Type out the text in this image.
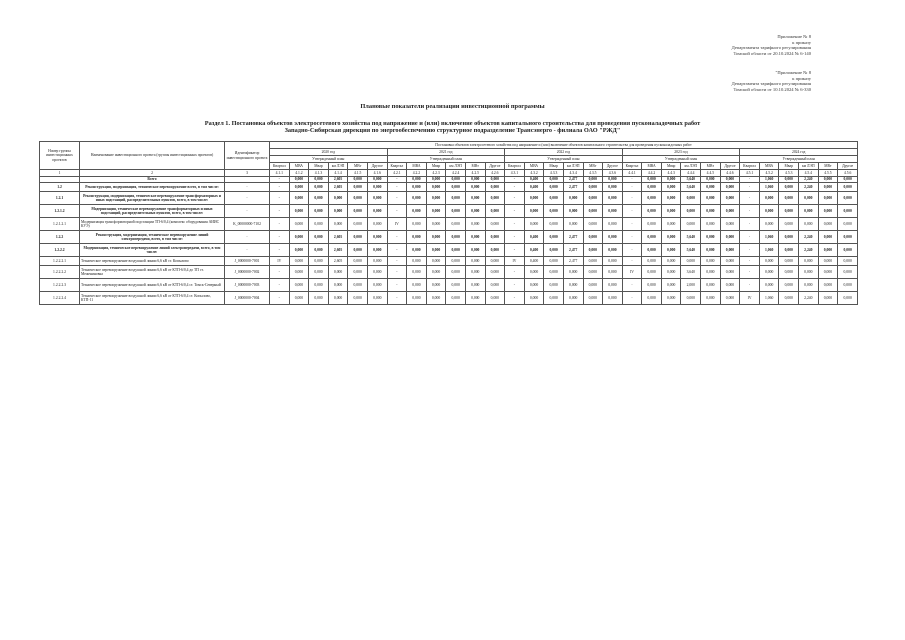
Приложение № 8
к приказу
Департамента тарифного регулирования
Томской области от 20.10.2024 № 6-140
"Приложение № 8
к приказу
Департамента тарифного регулирования
Томской области от 10.10.2024 № 6-330
Плановые показатели реализации инвестиционной программы
Раздел 1. Постановка объектов электросетевого хозяйства под напряжение и (или) включение объектов капитального строительства для проведения пусконаладочных работ
Западно-Сибирская дирекция по энергообеспечению структурное подразделение Трансэнерго - филиала ОАО "РЖД"
Номер группы инвестиционных проектов	Наименование инвестиционного проекта (группы инвестиционных проектов)	Идентификатор инвестиционного проекта	Постановка объектов электросетевого хозяйства под напряжение и (или) включение объектов капитального строительства для проведения пусконаладочных работ																													
			2020 год						2021 год						2022 год						2023 год						2024 год					
			Утвержденный план						Утвержденный план						Утвержденный план						Утвержденный план						Утвержденный план					
			Квартал	МВА	Мвар	км ЛЭП	МВт	Другое	Квартал	МВА	Мвар	км ЛЭП	МВт	Другое	Квартал	МВА	Мвар	км ЛЭП	МВт	Другое	Квартал	МВА	Мвар	км ЛЭП	МВт	Другое	Квартал	МВА	Мвар	км ЛЭП	МВт	Другое
1	2	3	4.1.1	4.1.2	4.1.3	4.1.4	4.1.5	4.1.6	4.2.1	4.2.2	4.2.3	4.2.4	4.2.5	4.2.6	4.3.1	4.3.2	4.3.3	4.3.4	4.3.5	4.3.6	4.4.1	4.4.2	4.4.3	4.4.4	4.4.5	4.4.6	4.5.1	4.5.2	4.5.3	4.5.4	4.5.5	4.5.6
	Всего		-	0,000	0,000	2,605	0,000	0,000	-	0,000	0,000	0,000	0,000	0,000	-	0,400	0,000	2,477	0,000	0,000	-	0,000	0,000	5,640	0,000	0,000	-	1,060	0,000	2,240	0,000	0,000
1.2	Реконструкция, модернизация, техническое перевооружение всего, в том числе:	-	-	0,000	0,000	2,605	0,000	0,000	-	0,000	0,000	0,000	0,000	0,000	-	0,400	0,000	2,477	0,000	0,000	-	0,000	0,000	5,640	0,000	0,000	-	1,060	0,000	2,240	0,000	0,000
1.2.1	Реконструкция, модернизация, техническое перевооружение трансформаторных и иных подстанций, распределительных пунктов, всего, в том числе:	-	-	0,000	0,000	0,000	0,000	0,000	-	0,000	0,000	0,000	0,000	0,000	-	0,000	0,000	0,000	0,000	0,000	-	0,000	0,000	0,000	0,000	0,000	-	0,000	0,000	0,000	0,000	0,000
1.2.1.2	Модернизация, техническое перевооружение трансформаторных и иных подстанций, распределительных пунктов, всего, в том числе:	-	-	0,000	0,000	0,000	0,000	0,000	-	0,000	0,000	0,000	0,000	0,000	-	0,000	0,000	0,000	0,000	0,000	-	0,000	0,000	0,000	0,000	0,000	-	0,000	0,000	0,000	0,000	0,000
1.2.1.2.1	Модернизация трансформаторной подстанции ТП-6/0,4 (комплекс оборудования АИИС КУЭ)	K_00000000-7102	-	0,000	0,000	0,000	0,000	0,000	IV	0,000	0,000	0,000	0,000	0,000	-	0,000	0,000	0,000	0,000	0,000	-	0,000	0,000	0,000	0,000	0,000	-	0,000	0,000	0,000	0,000	0,000
1.2.2	Реконструкция, модернизация, техническое перевооружение линий электропередачи, всего, в том числе:	-	-	0,000	0,000	2,605	0,000	0,000	-	0,000	0,000	0,000	0,000	0,000	-	0,400	0,000	2,477	0,000	0,000	-	0,000	0,000	5,640	0,000	0,000	-	1,060	0,000	2,240	0,000	0,000
1.2.2.2	Модернизация, техническое перевооружение линий электропередачи, всего, в том числе:	-	-	0,000	0,000	2,605	0,000	0,000	-	0,000	0,000	0,000	0,000	0,000	-	0,400	0,000	2,477	0,000	0,000	-	0,000	0,000	5,640	0,000	0,000	-	1,060	0,000	2,240	0,000	0,000
1.2.2.2.1	Техническое перевооружение воздушной линии 6,6 кВ ст. Копылово	J_0000000-7001	IV	0,000	0,000	2,605	0,000	0,000	-	0,000	0,000	0,000	0,000	0,000	IV	0,400	0,000	2,477	0,000	0,000	-	0,000	0,000	0,000	0,000	0,000	-	0,000	0,000	0,000	0,000	0,000
1.2.2.2.2	Техническое перевооружение воздушной линии 6,6 кВ от КТП-6/0,4 до ТП ст. Межениновка	J_0000000-7002	-	0,000	0,000	0,000	0,000	0,000	-	0,000	0,000	0,000	0,000	0,000	-	0,000	0,000	0,000	0,000	0,000	IV	0,000	0,000	3,640	0,000	0,000	-	0,000	0,000	0,000	0,000	0,000
1.2.2.2.3	Техническое перевооружение воздушной линии 6,6 кВ от КТП-6/0,4 ст. Томск-Северный	J_0000000-7003	-	0,000	0,000	0,000	0,000	0,000	-	0,000	0,000	0,000	0,000	0,000	-	0,000	0,000	0,000	0,000	0,000	-	0,000	0,000	2,000	0,000	0,000	-	0,000	0,000	0,000	0,000	0,000
1.2.2.2.4	Техническое перевооружение воздушной линии 6,6 кВ от КТП-6/0,4 ст. Копылово, КТП-11	J_0000000-7004	-	0,000	0,000	0,000	0,000	0,000	-	0,000	0,000	0,000	0,000	0,000	-	0,000	0,000	0,000	0,000	0,000	-	0,000	0,000	0,000	0,000	0,000	IV	1,060	0,000	2,240	0,000	0,000
